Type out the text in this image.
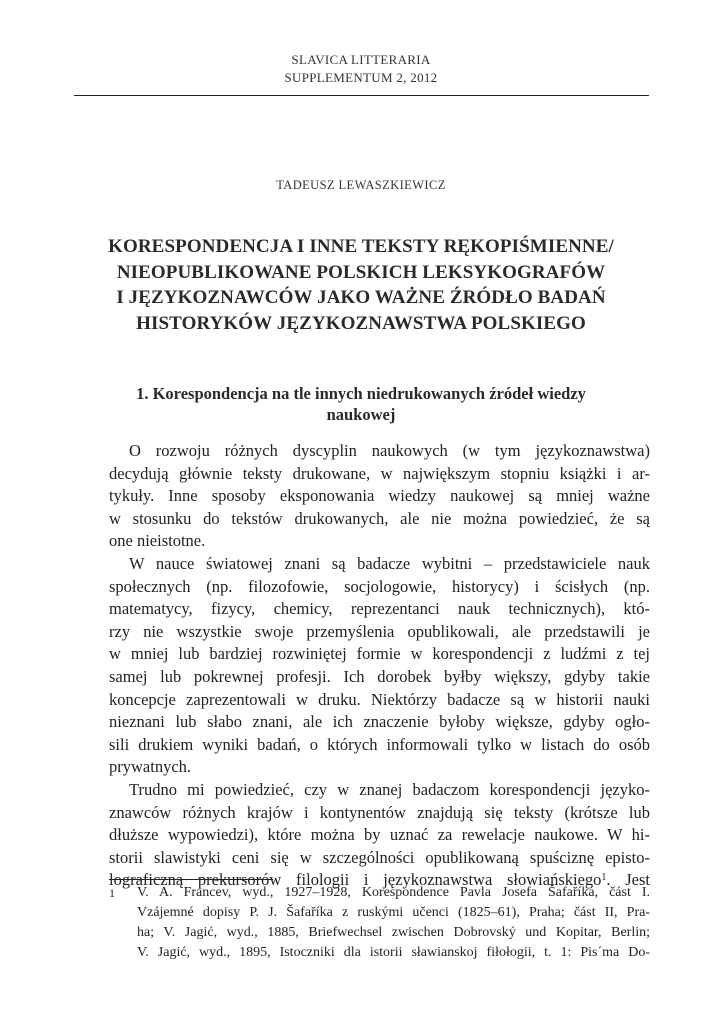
SLAVICA LITTERARIA
SUPPLEMENTUM 2, 2012
TADEUSZ LEWASZKIEWICZ
KORESPONDENCJA I INNE TEKSTY RĘKOPIŚMIENNE/
NIEOPUBLIKOWANE POLSKICH LEKSYKOGRAFÓW
I JĘZYKOZNAWCÓW JAKO WAŻNE ŹRÓDŁO BADAŃ
HISTORYKÓW JĘZYKOZNAWSTWA POLSKIEGO
1. Korespondencja na tle innych niedrukowanych źródeł wiedzy
naukowej
O rozwoju różnych dyscyplin naukowych (w tym językoznawstwa)
decydują głównie teksty drukowane, w największym stopniu książki i ar-
tykuły. Inne sposoby eksponowania wiedzy naukowej są mniej ważne
w stosunku do tekstów drukowanych, ale nie można powiedzieć, że są
one nieistotne.
W nauce światowej znani są badacze wybitni – przedstawiciele nauk
społecznych (np. filozofowie, socjologowie, historycy) i ścisłych (np.
matematycy, fizycy, chemicy, reprezentanci nauk technicznych), któ-
rzy nie wszystkie swoje przemyślenia opublikowali, ale przedstawili je
w mniej lub bardziej rozwiniętej formie w korespondencji z ludźmi z tej
samej lub pokrewnej profesji. Ich dorobek byłby większy, gdyby takie
koncepcje zaprezentowali w druku. Niektórzy badacze są w historii nauki
nieznani lub słabo znani, ale ich znaczenie byłoby większe, gdyby ogło-
sili drukiem wyniki badań, o których informowali tylko w listach do osób
prywatnych.
Trudno mi powiedzieć, czy w znanej badaczom korespondencji języko-
znawców różnych krajów i kontynentów znajdują się teksty (krótsze lub
dłuższe wypowiedzi), które można by uznać za rewelacje naukowe. W hi-
storii slawistyki ceni się w szczególności opublikowaną spuściznę episto-
lograficzną prekursorów filologii i językoznawstwa słowiańskiego$^1$. Jest
1 V. A. Francev, wyd., 1927–1928, Korespondence Pavla Josefa Šafaříka, část I.
Vzájemné dopisy P. J. Šafaříka z ruskými učenci (1825–61), Praha; část II, Pra-
ha; V. Jagić, wyd., 1885, Briefwechsel zwischen Dobrovský und Kopitar, Berlin;
V. Jagić, wyd., 1895, Istoczniki dla istorii sławianskoj fiłołogii, t. 1: Pis´ma Do-
